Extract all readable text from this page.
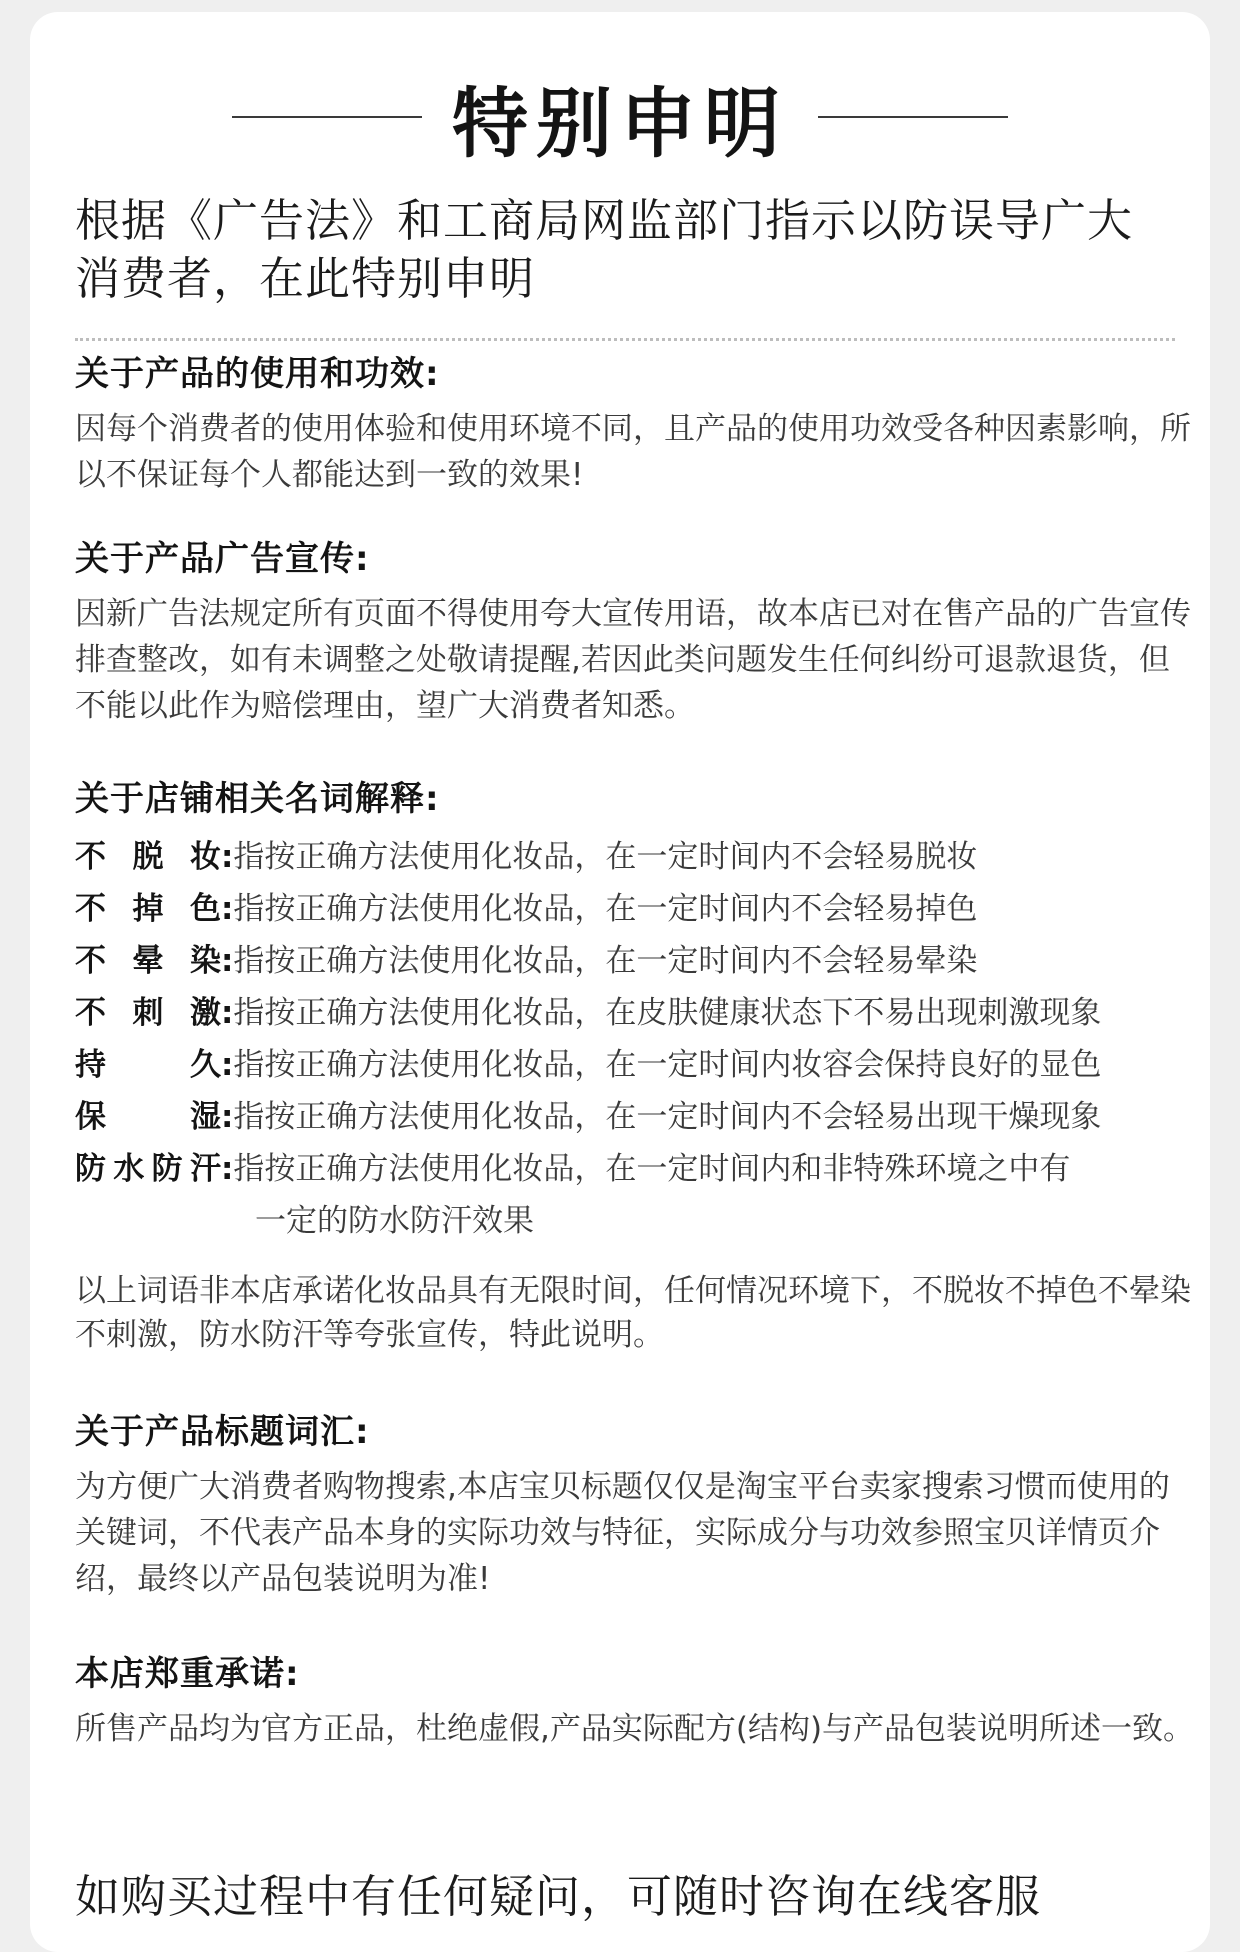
特别申明
根据《广告法》和工商局网监部门指示以防误导广大消费者，在此特别申明
关于产品的使用和功效:
因每个消费者的使用体验和使用环境不同，且产品的使用功效受各种因素影响，所以不保证每个人都能达到一致的效果!
关于产品广告宣传:
因新广告法规定所有页面不得使用夸大宣传用语，故本店已对在售产品的广告宣传排查整改，如有未调整之处敬请提醒,若因此类问题发生任何纠纷可退款退货，但不能以此作为赔偿理由，望广大消费者知悉。
关于店铺相关名词解释:
不 脱 妆 : 指按正确方法使用化妆品，在一定时间内不会轻易脱妆
不 掉 色 : 指按正确方法使用化妆品，在一定时间内不会轻易掉色
不 晕 染 : 指按正确方法使用化妆品，在一定时间内不会轻易晕染
不 刺 激 : 指按正确方法使用化妆品，在皮肤健康状态下不易出现刺激现象
持	久 : 指按正确方法使用化妆品，在一定时间内妆容会保持良好的显色
保	湿 : 指按正确方法使用化妆品，在一定时间内不会轻易出现干燥现象
防 水 防 汗 : 指按正确方法使用化妆品，在一定时间内和非特殊环境之中有
一定的防水防汗效果
以上词语非本店承诺化妆品具有无限时间，任何情况环境下，不脱妆不掉色不晕染不刺激，防水防汗等夸张宣传，特此说明。
关于产品标题词汇:
为方便广大消费者购物搜索,本店宝贝标题仅仅是淘宝平台卖家搜索习惯而使用的关键词，不代表产品本身的实际功效与特征，实际成分与功效参照宝贝详情页介绍，最终以产品包装说明为准!
本店郑重承诺:
所售产品均为官方正品，杜绝虚假,产品实际配方(结构)与产品包装说明所述一致。
如购买过程中有任何疑问，可随时咨询在线客服
